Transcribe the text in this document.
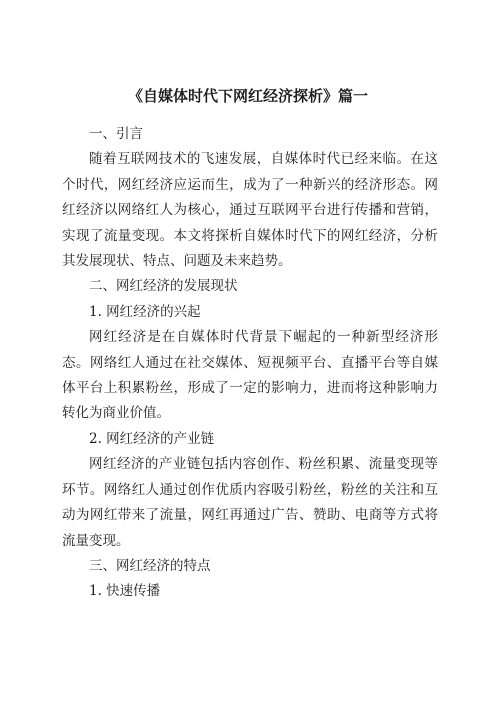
《自媒体时代下网红经济探析》篇一

一、引言

随着互联网技术的飞速发展，自媒体时代已经来临。在这个时代，网红经济应运而生，成为了一种新兴的经济形态。网红经济以网络红人为核心，通过互联网平台进行传播和营销，实现了流量变现。本文将探析自媒体时代下的网红经济，分析其发展现状、特点、问题及未来趋势。

二、网红经济的发展现状

1. 网红经济的兴起

网红经济是在自媒体时代背景下崛起的一种新型经济形态。网络红人通过在社交媒体、短视频平台、直播平台等自媒体平台上积累粉丝，形成了一定的影响力，进而将这种影响力转化为商业价值。

2. 网红经济的产业链

网红经济的产业链包括内容创作、粉丝积累、流量变现等环节。网络红人通过创作优质内容吸引粉丝，粉丝的关注和互动为网红带来了流量，网红再通过广告、赞助、电商等方式将流量变现。

三、网红经济的特点

1. 快速传播
